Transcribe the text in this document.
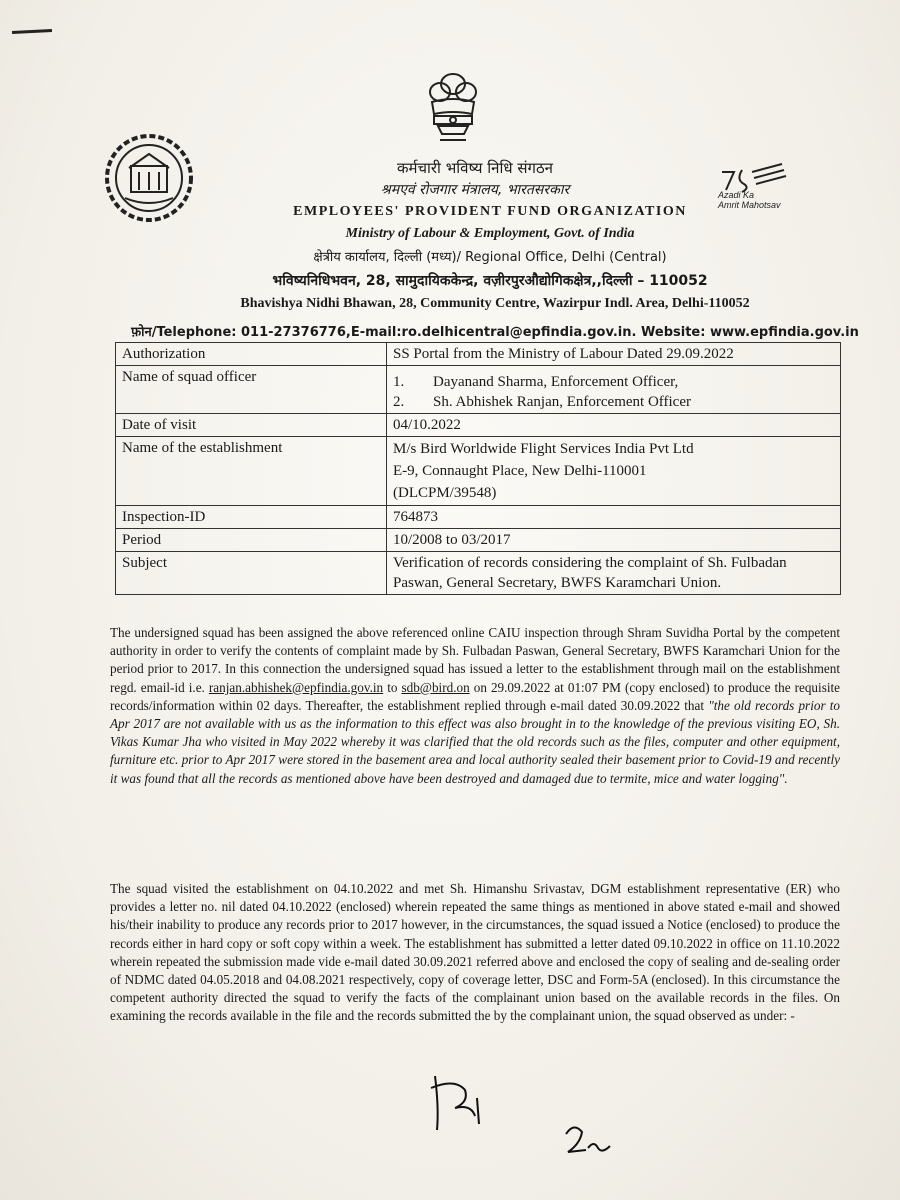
Azadi Ka
Amrit Mahotsav
कर्मचारी भविष्य निधि संगठन
श्रमएवं रोजगार मंत्रालय, भारतसरकार
EMPLOYEES' PROVIDENT FUND ORGANIZATION
Ministry of Labour & Employment, Govt. of India
क्षेत्रीय कार्यालय, दिल्ली (मध्य)/ Regional Office, Delhi (Central)
भविष्यनिधिभवन, 28, सामुदायिककेन्द्र, वज़ीरपुरऔद्योगिकक्षेत्र,,दिल्ली – 110052
Bhavishya Nidhi Bhawan, 28, Community Centre, Wazirpur Indl. Area, Delhi-110052
फ़ोन/Telephone: 011-27376776,E-mail:ro.delhicentral@epfindia.gov.in. Website: www.epfindia.gov.in
Authorization	SS Portal from the Ministry of Labour Dated 29.09.2022
Name of squad officer	1. Dayanand Sharma, Enforcement Officer,
2. Sh. Abhishek Ranjan, Enforcement Officer

Date of visit	04/10.2022
Name of the establishment	M/s Bird Worldwide Flight Services India Pvt Ltd
E-9, Connaught Place, New Delhi-110001
(DLCPM/39548)

Inspection-ID	764873
Period	10/2008 to 03/2017
Subject	Verification of records considering the complaint of Sh. Fulbadan Paswan, General Secretary, BWFS Karamchari Union.
The undersigned squad has been assigned the above referenced online CAIU inspection through Shram Suvidha Portal by the competent authority in order to verify the contents of complaint made by Sh. Fulbadan Paswan, General Secretary, BWFS Karamchari Union for the period prior to 2017. In this connection the undersigned squad has issued a letter to the establishment through mail on the establishment regd. email-id i.e. ranjan.abhishek@epfindia.gov.in to sdb@bird.on on 29.09.2022 at 01:07 PM (copy enclosed) to produce the requisite records/information within 02 days. Thereafter, the establishment replied through e-mail dated 30.09.2022 that "the old records prior to Apr 2017 are not available with us as the information to this effect was also brought in to the knowledge of the previous visiting EO, Sh. Vikas Kumar Jha who visited in May 2022 whereby it was clarified that the old records such as the files, computer and other equipment, furniture etc. prior to Apr 2017 were stored in the basement area and local authority sealed their basement prior to Covid-19 and recently it was found that all the records as mentioned above have been destroyed and damaged due to termite, mice and water logging".
The squad visited the establishment on 04.10.2022 and met Sh. Himanshu Srivastav, DGM establishment representative (ER) who provides a letter no. nil dated 04.10.2022 (enclosed) wherein repeated the same things as mentioned in above stated e-mail and showed his/their inability to produce any records prior to 2017 however, in the circumstances, the squad issued a Notice (enclosed) to produce the records either in hard copy or soft copy within a week. The establishment has submitted a letter dated 09.10.2022 in office on 11.10.2022 wherein repeated the submission made vide e-mail dated 30.09.2021 referred above and enclosed the copy of sealing and de-sealing order of NDMC dated 04.05.2018 and 04.08.2021 respectively, copy of coverage letter, DSC and Form-5A (enclosed). In this circumstance the competent authority directed the squad to verify the facts of the complainant union based on the available records in the files. On examining the records available in the file and the records submitted the by the complainant union, the squad observed as under: -
